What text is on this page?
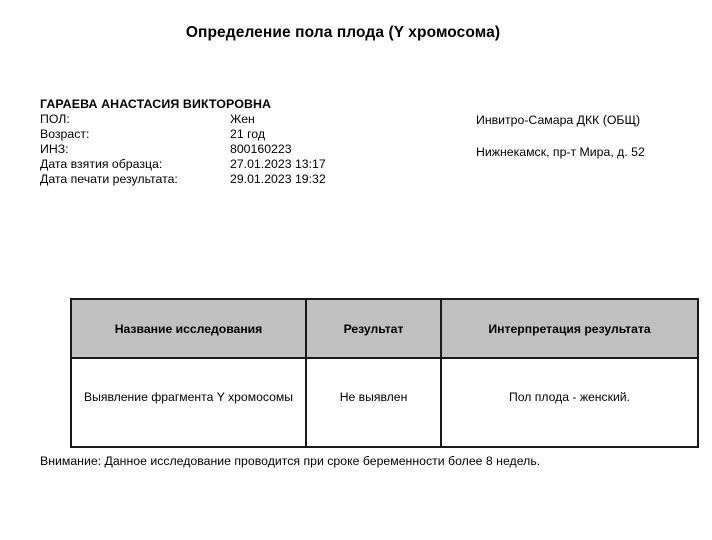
Определение пола плода (Y хромосома)
ГАРАЕВА АНАСТАСИЯ ВИКТОРОВНА
ПОЛ:	Жен
Возраст:	21 год
ИНЗ:	800160223
Дата взятия образца:	27.01.2023 13:17
Дата печати результата:	29.01.2023 19:32
Инвитро-Самара ДКК (ОБЩ)
Нижнекамск, пр-т Мира, д. 52
Название исследования	Результат	Интерпретация результата

Выявление фрагмента Y хромосомы	Не выявлен	Пол плода - женский.
Внимание: Данное исследование проводится при сроке беременности более 8 недель.
